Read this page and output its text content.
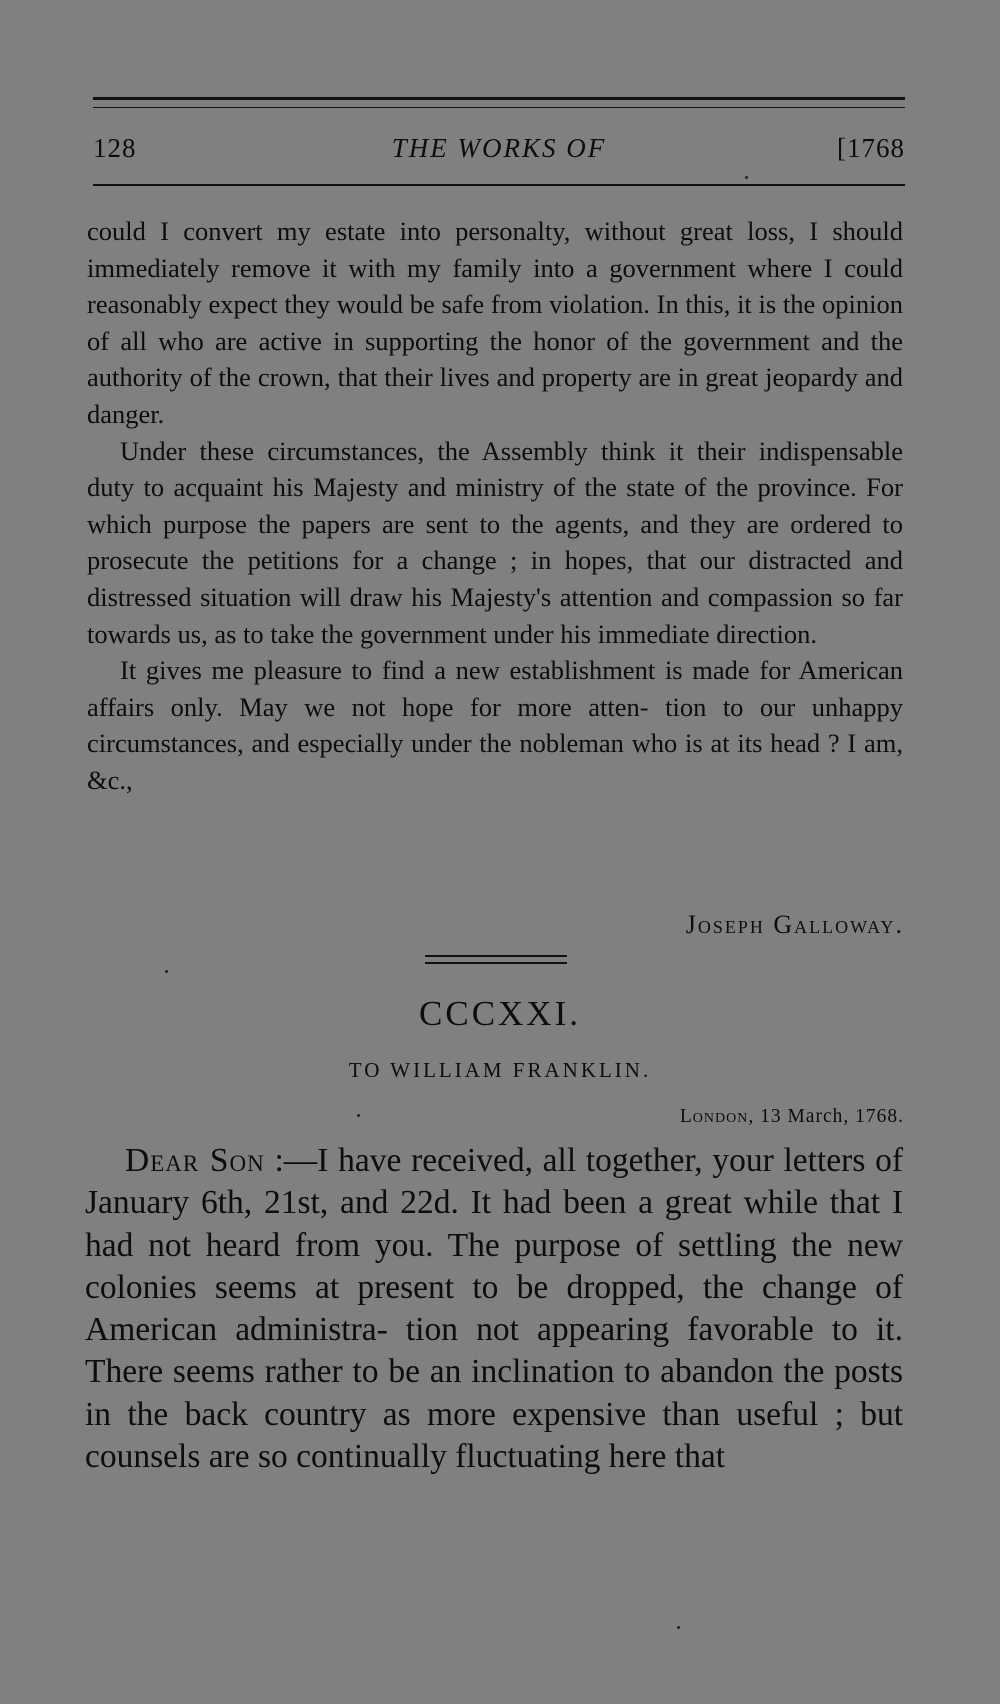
128	THE WORKS OF	[1768

could I convert my estate into personalty, without great loss, I should immediately remove it with my family into a government where I could reasonably expect they would be safe from violation. In this, it is the opinion of all who are active in supporting the honor of the government and the authority of the crown, that their lives and property are in great jeopardy and danger.

Under these circumstances, the Assembly think it their indispensable duty to acquaint his Majesty and ministry of the state of the province. For which purpose the papers are sent to the agents, and they are ordered to prosecute the petitions for a change ; in hopes, that our distracted and distressed situation will draw his Majesty's attention and compassion so far towards us, as to take the government under his immediate direction.

It gives me pleasure to find a new establishment is made for American affairs only. May we not hope for more atten- tion to our unhappy circumstances, and especially under the nobleman who is at its head ? I am, &c.,

Joseph Galloway.
CCCXXI.
TO WILLIAM FRANKLIN.
London, 13 March, 1768.

Dear Son :—I have received, all together, your letters of January 6th, 21st, and 22d. It had been a great while that I had not heard from you. The purpose of settling the new colonies seems at present to be dropped, the change of American administra- tion not appearing favorable to it. There seems rather to be an inclination to abandon the posts in the back country as more expensive than useful ; but counsels are so continually fluctuating here that
